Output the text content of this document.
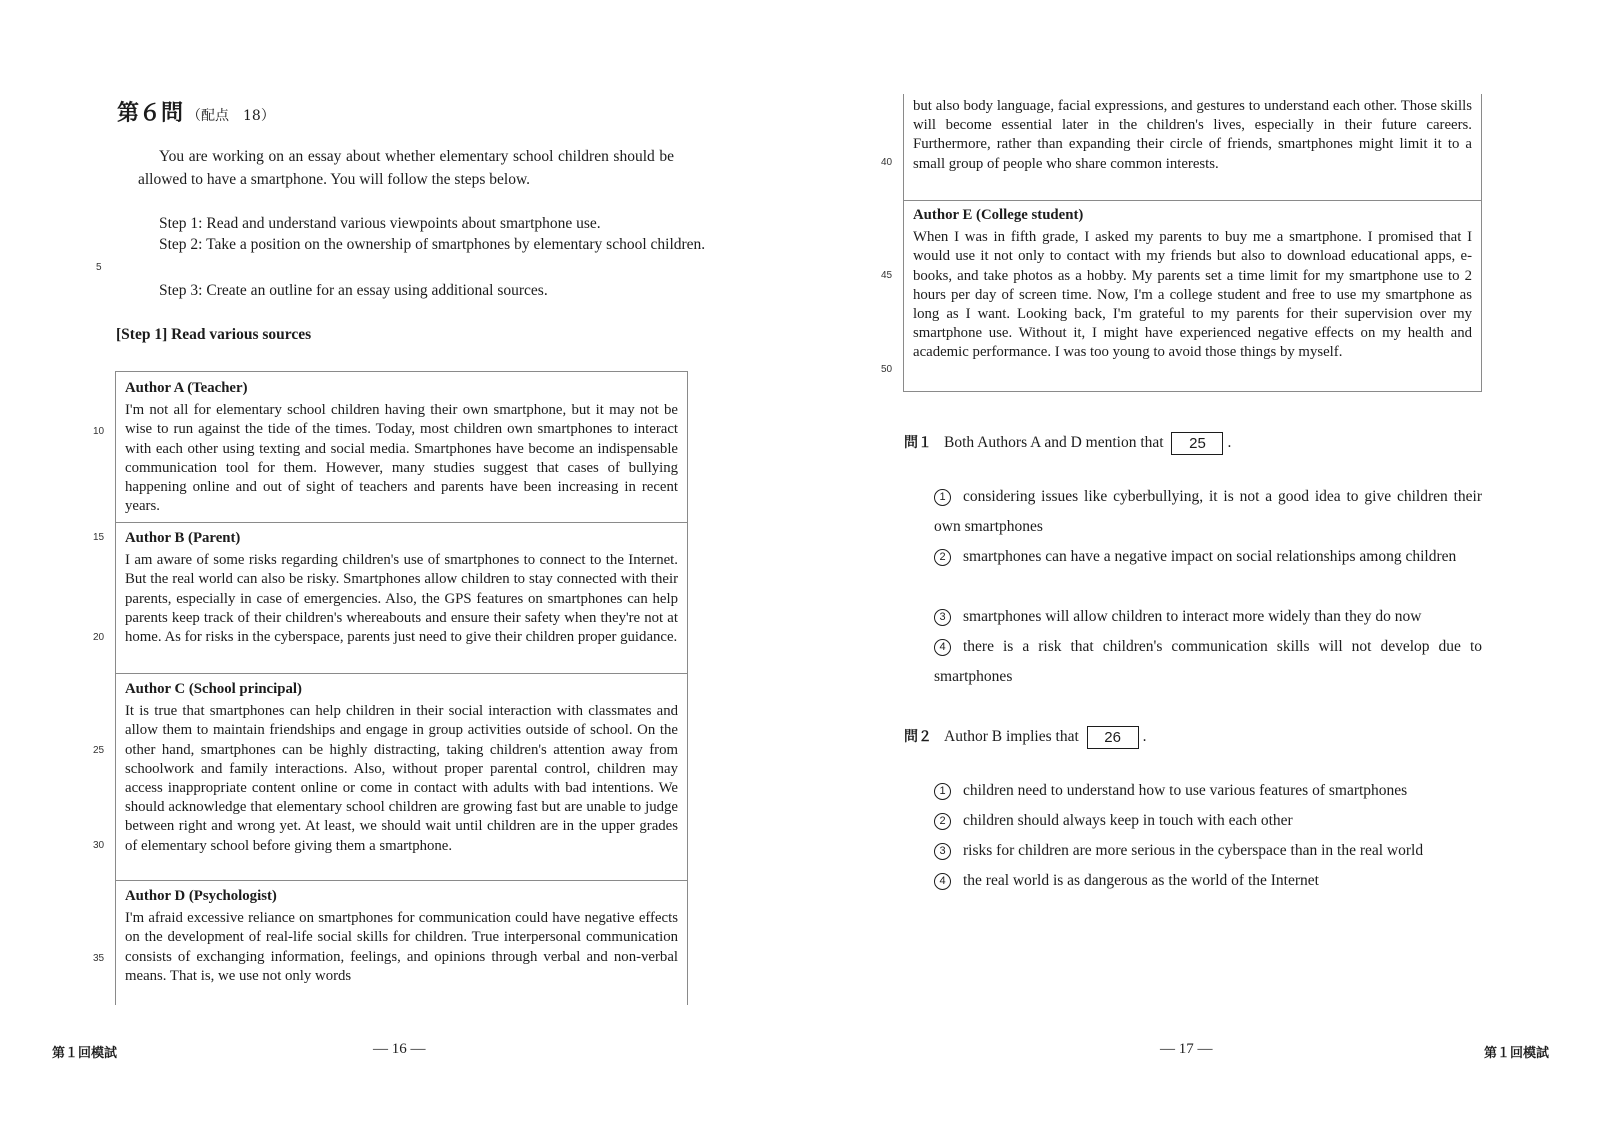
第６問 （配点　18）
You are working on an essay about whether elementary school children should be allowed to have a smartphone. You will follow the steps below.
Step 1: Read and understand various viewpoints about smartphone use.
Step 2: Take a position on the ownership of smartphones by elementary school children.
Step 3: Create an outline for an essay using additional sources.
[Step 1] Read various sources
5
10
15
20
25
30
35
Author A (Teacher)
I'm not all for elementary school children having their own smartphone, but it may not be wise to run against the tide of the times. Today, most children own smartphones to interact with each other using texting and social media. Smartphones have become an indispensable communication tool for them. However, many studies suggest that cases of bullying happening online and out of sight of teachers and parents have been increasing in recent years.
Author B (Parent)
I am aware of some risks regarding children's use of smartphones to connect to the Internet. But the real world can also be risky. Smartphones allow children to stay connected with their parents, especially in case of emergencies. Also, the GPS features on smartphones can help parents keep track of their children's whereabouts and ensure their safety when they're not at home. As for risks in the cyberspace, parents just need to give their children proper guidance.
Author C (School principal)
It is true that smartphones can help children in their social interaction with classmates and allow them to maintain friendships and engage in group activities outside of school. On the other hand, smartphones can be highly distracting, taking children's attention away from schoolwork and family interactions. Also, without proper parental control, children may access inappropriate content online or come in contact with adults with bad intentions. We should acknowledge that elementary school children are growing fast but are unable to judge between right and wrong yet. At least, we should wait until children are in the upper grades of elementary school before giving them a smartphone.
Author D (Psychologist)
I'm afraid excessive reliance on smartphones for communication could have negative effects on the development of real-life social skills for children. True interpersonal communication consists of exchanging information, feelings, and opinions through verbal and non-verbal means. That is, we use not only words
第１回模試	— 16 —
40
45
50
but also body language, facial expressions, and gestures to understand each other. Those skills will become essential later in the children's lives, especially in their future careers. Furthermore, rather than expanding their circle of friends, smartphones might limit it to a small group of people who share common interests.
Author E (College student)
When I was in fifth grade, I asked my parents to buy me a smartphone. I promised that I would use it not only to contact with my friends but also to download educational apps, e-books, and take photos as a hobby. My parents set a time limit for my smartphone use to 2 hours per day of screen time. Now, I'm a college student and free to use my smartphone as long as I want. Looking back, I'm grateful to my parents for their supervision over my smartphone use. Without it, I might have experienced negative effects on my health and academic performance. I was too young to avoid those things by myself.
問１ Both Authors A and D mention that 25 .
1 considering issues like cyberbullying, it is not a good idea to give children their own smartphones
2 smartphones can have a negative impact on social relationships among children
3 smartphones will allow children to interact more widely than they do now
4 there is a risk that children's communication skills will not develop due to smartphones
問２ Author B implies that 26 .
1 children need to understand how to use various features of smartphones
2 children should always keep in touch with each other
3 risks for children are more serious in the cyberspace than in the real world
4 the real world is as dangerous as the world of the Internet
— 17 —	第１回模試
